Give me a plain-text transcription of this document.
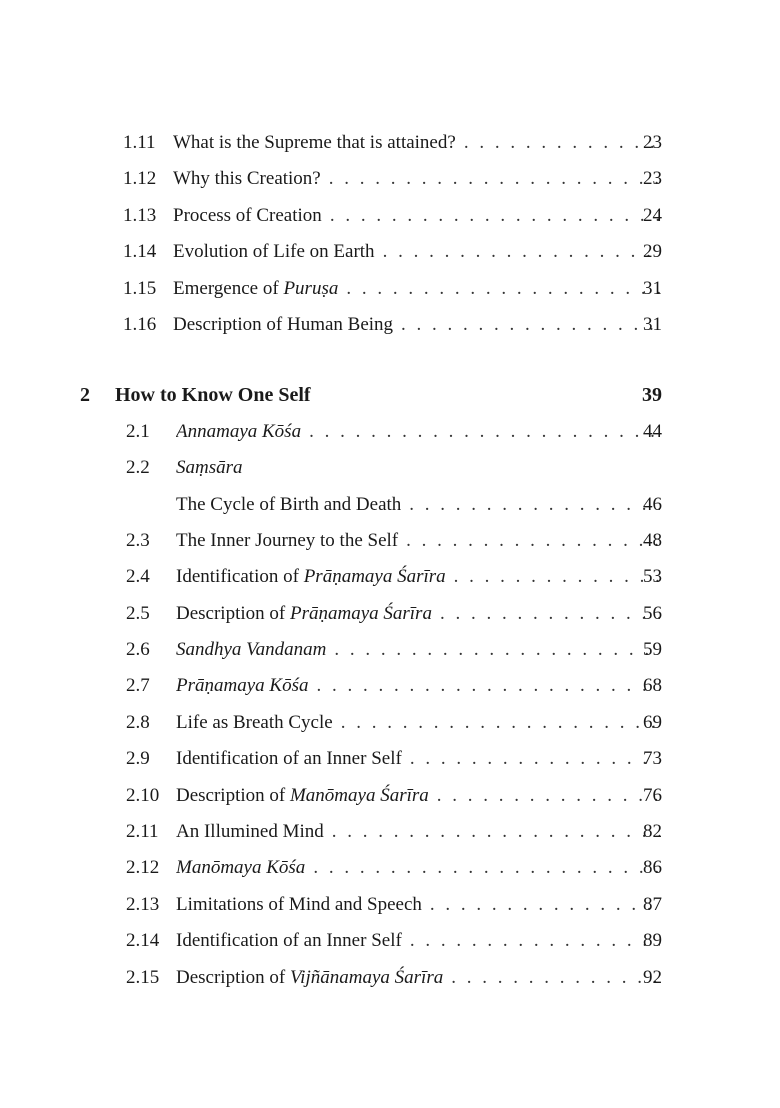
1.11 What is the Supreme that is attained? . . .	23
1.12 Why this Creation? . . .	23
1.13 Process of Creation . . .	24
1.14 Evolution of Life on Earth . . .	29
1.15 Emergence of Puruṣa . . .	31
1.16 Description of Human Being . . .	31
2 How to Know One Self	39
2.1 Annamaya Kōśa . . .	44
2.2 Saṃsāra
The Cycle of Birth and Death . . .	46
2.3 The Inner Journey to the Self . . .	48
2.4 Identification of Prāṇamaya Śarīra . . .	53
2.5 Description of Prāṇamaya Śarīra . . .	56
2.6 Sandhya Vandanam . . .	59
2.7 Prāṇamaya Kōśa . . .	68
2.8 Life as Breath Cycle . . .	69
2.9 Identification of an Inner Self . . .	73
2.10 Description of Manōmaya Śarīra . . .	76
2.11 An Illumined Mind . . .	82
2.12 Manōmaya Kōśa . . .	86
2.13 Limitations of Mind and Speech . . .	87
2.14 Identification of an Inner Self . . .	89
2.15 Description of Vijñānamaya Śarīra . . .	92
